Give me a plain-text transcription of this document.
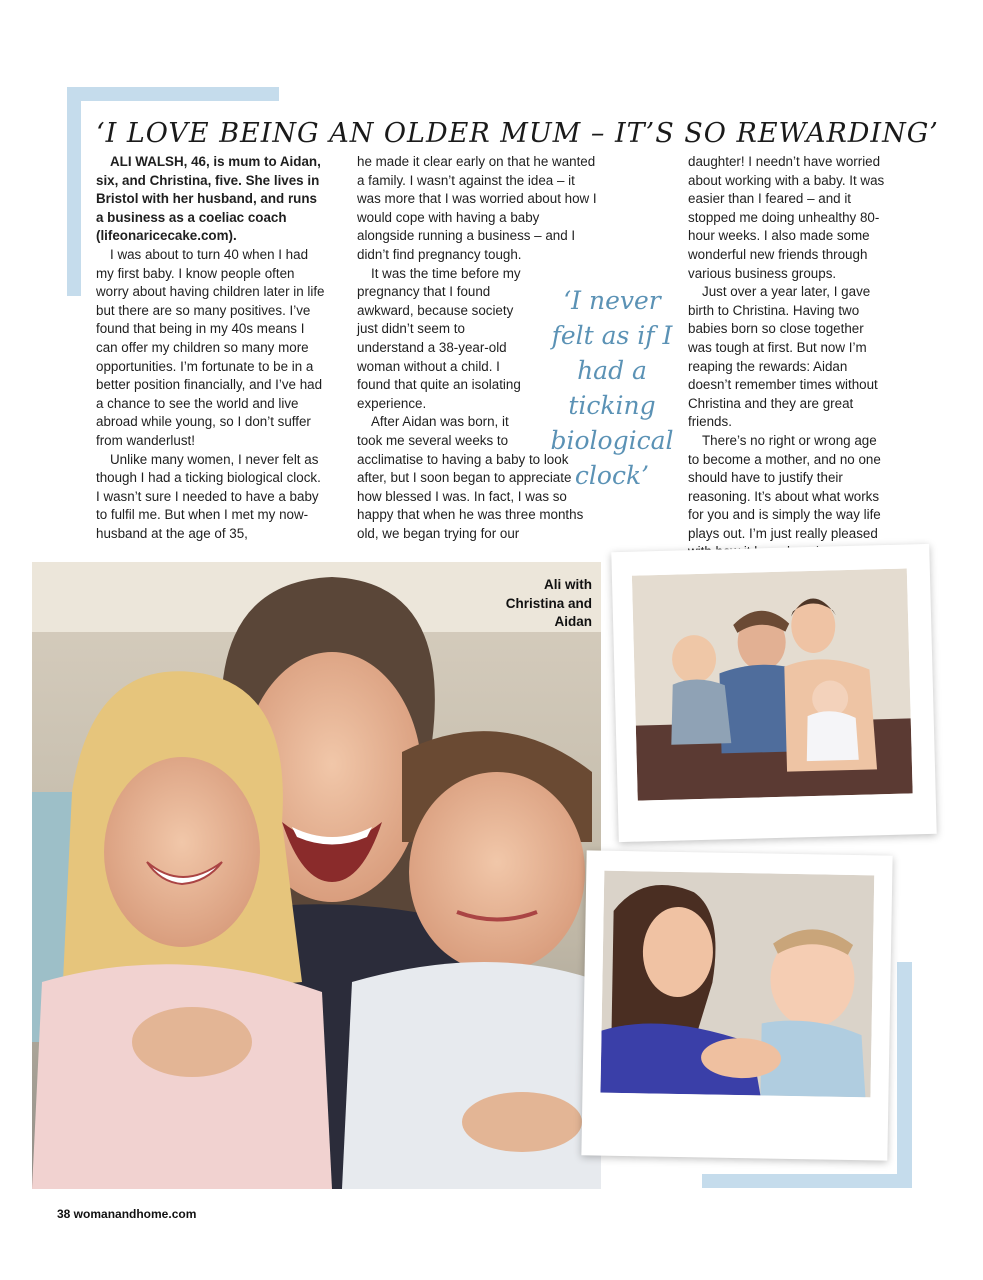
‘I LOVE BEING AN OLDER MUM – IT’S SO REWARDING’

ALI WALSH, 46, is mum to Aidan, six, and Christina, five. She lives in Bristol with her husband, and runs a business as a coeliac coach (lifeonaricecake.com).

I was about to turn 40 when I had my first baby. I know people often worry about having children later in life but there are so many positives. I’ve found that being in my 40s means I can offer my children so many more opportunities. I’m fortunate to be in a better position financially, and I’ve had a chance to see the world and live abroad while young, so I don’t suffer from wanderlust!

Unlike many women, I never felt as though I had a ticking biological clock. I wasn’t sure I needed to have a baby to fulfil me. But when I met my now-husband at the age of 35,

he made it clear early on that he wanted a family. I wasn’t against the idea – it was more that I was worried about how I would cope with having a baby alongside running a business – and I didn’t find pregnancy tough.

It was the time before my pregnancy that I found awkward, because society just didn’t seem to understand a 38-year-old woman without a child. I found that quite an isolating experience.

After Aidan was born, it took me several weeks to acclimatise to having a baby to look after, but I soon began to appreciate how blessed I was. In fact, I was so happy that when he was three months old, we began trying for our

daughter! I needn’t have worried about working with a baby. It was easier than I feared – and it stopped me doing unhealthy 80-hour weeks. I also made some wonderful new friends through various business groups.

Just over a year later, I gave birth to Christina. Having two babies born so close together was tough at first. But now I’m reaping the rewards: Aidan doesn’t remember times without Christina and they are great friends.

There’s no right or wrong age to become a mother, and no one should have to justify their reasoning. It’s about what works for you and is simply the way life plays out. I’m just really pleased

‘I never felt as if I had a ticking biological clock’
Ali with Christina and Aidan
38 womanandhome.com
